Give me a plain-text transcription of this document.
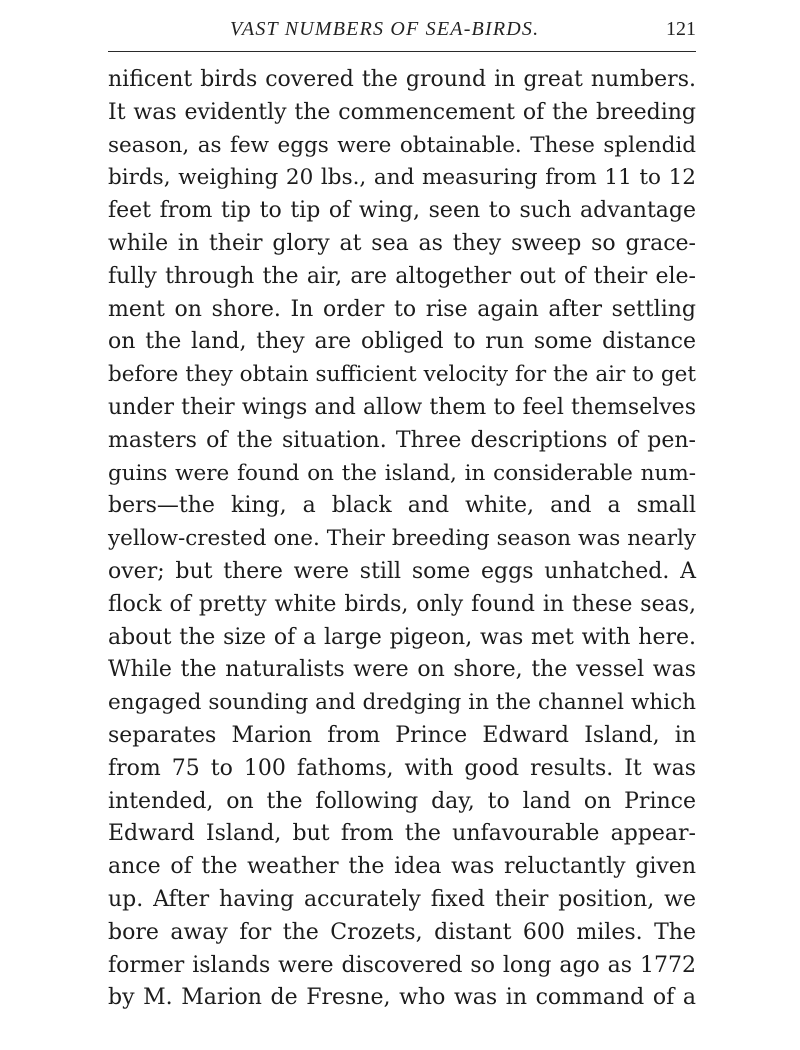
VAST NUMBERS OF SEA-BIRDS.	121
nificent birds covered the ground in great numbers.
It was evidently the commencement of the breeding
season, as few eggs were obtainable. These splendid
birds, weighing 20 lbs., and measuring from 11 to 12
feet from tip to tip of wing, seen to such advantage
while in their glory at sea as they sweep so grace-
fully through the air, are altogether out of their ele-
ment on shore. In order to rise again after settling
on the land, they are obliged to run some distance
before they obtain sufficient velocity for the air to get
under their wings and allow them to feel themselves
masters of the situation. Three descriptions of pen-
guins were found on the island, in considerable num-
bers—the king, a black and white, and a small
yellow-crested one. Their breeding season was nearly
over; but there were still some eggs unhatched. A
flock of pretty white birds, only found in these seas,
about the size of a large pigeon, was met with here.
While the naturalists were on shore, the vessel was
engaged sounding and dredging in the channel which
separates Marion from Prince Edward Island, in
from 75 to 100 fathoms, with good results. It was
intended, on the following day, to land on Prince
Edward Island, but from the unfavourable appear-
ance of the weather the idea was reluctantly given
up. After having accurately fixed their position, we
bore away for the Crozets, distant 600 miles. The
former islands were discovered so long ago as 1772
by M. Marion de Fresne, who was in command of a
